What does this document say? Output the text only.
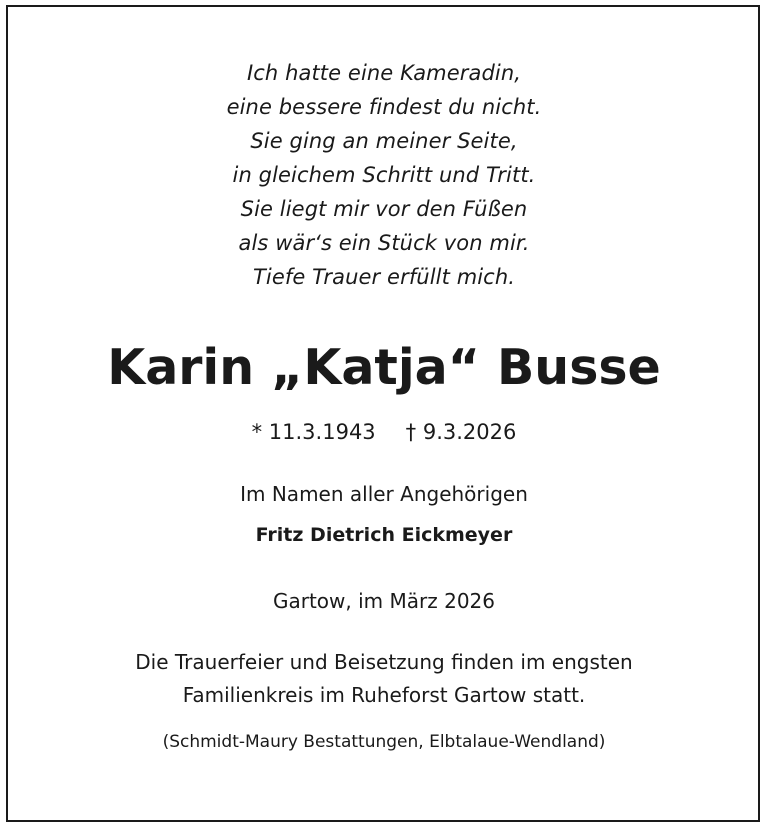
Ich hatte eine Kameradin,
eine bessere findest du nicht.
Sie ging an meiner Seite,
in gleichem Schritt und Tritt.
Sie liegt mir vor den Füßen
als wär‘s ein Stück von mir.
Tiefe Trauer erfüllt mich.
Karin „Katja“ Busse
* 11.3.1943 † 9.3.2026
Im Namen aller Angehörigen
Fritz Dietrich Eickmeyer
Gartow, im März 2026
Die Trauerfeier und Beisetzung finden im engsten
Familienkreis im Ruheforst Gartow statt.
(Schmidt-Maury Bestattungen, Elbtalaue-Wendland)
